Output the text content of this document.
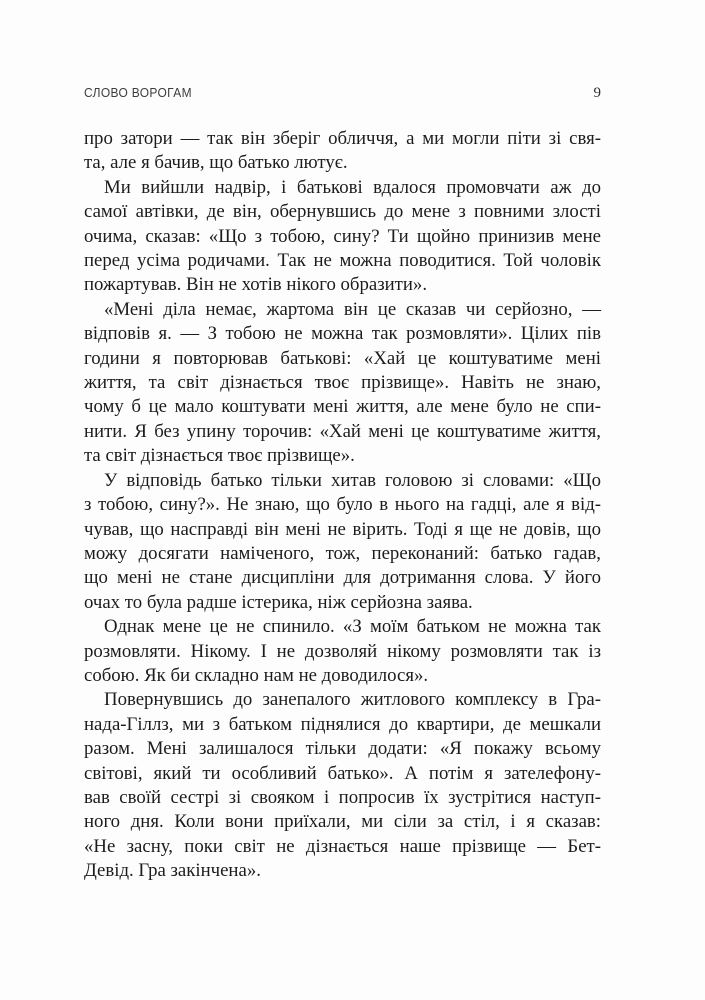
СЛОВО ВОРОГАМ	9
про затори — так він зберіг обличчя, а ми могли піти зі свя-
та, але я бачив, що батько лютує.
Ми вийшли надвір, і батькові вдалося промовчати аж до
самої автівки, де він, обернувшись до мене з повними злості
очима, сказав: «Що з тобою, сину? Ти щойно принизив мене
перед усіма родичами. Так не можна поводитися. Той чоловік
пожартував. Він не хотів нікого образити».
«Мені діла немає, жартома він це сказав чи серйозно, —
відповів я. — З тобою не можна так розмовляти». Цілих пів
години я повторював батькові: «Хай це коштуватиме мені
життя, та світ дізнається твоє прізвище». Навіть не знаю,
чому б це мало коштувати мені життя, але мене було не спи-
нити. Я без упину торочив: «Хай мені це коштуватиме життя,
та світ дізнається твоє прізвище».
У відповідь батько тільки хитав головою зі словами: «Що
з тобою, сину?». Не знаю, що було в нього на гадці, але я від-
чував, що насправді він мені не вірить. Тоді я ще не довів, що
можу досягати наміченого, тож, переконаний: батько гадав,
що мені не стане дисципліни для дотримання слова. У його
очах то була радше істерика, ніж серйозна заява.
Однак мене це не спинило. «З моїм батьком не можна так
розмовляти. Нікому. І не дозволяй нікому розмовляти так із
собою. Як би складно нам не доводилося».
Повернувшись до занепалого житлового комплексу в Гра-
нада-Гіллз, ми з батьком піднялися до квартири, де мешкали
разом. Мені залишалося тільки додати: «Я покажу всьому
світові, який ти особливий батько». А потім я зателефону-
вав своїй сестрі зі свояком і попросив їх зустрітися наступ-
ного дня. Коли вони приїхали, ми сіли за стіл, і я сказав:
«Не засну, поки світ не дізнається наше прізвище — Бет-
Девід. Гра закінчена».
